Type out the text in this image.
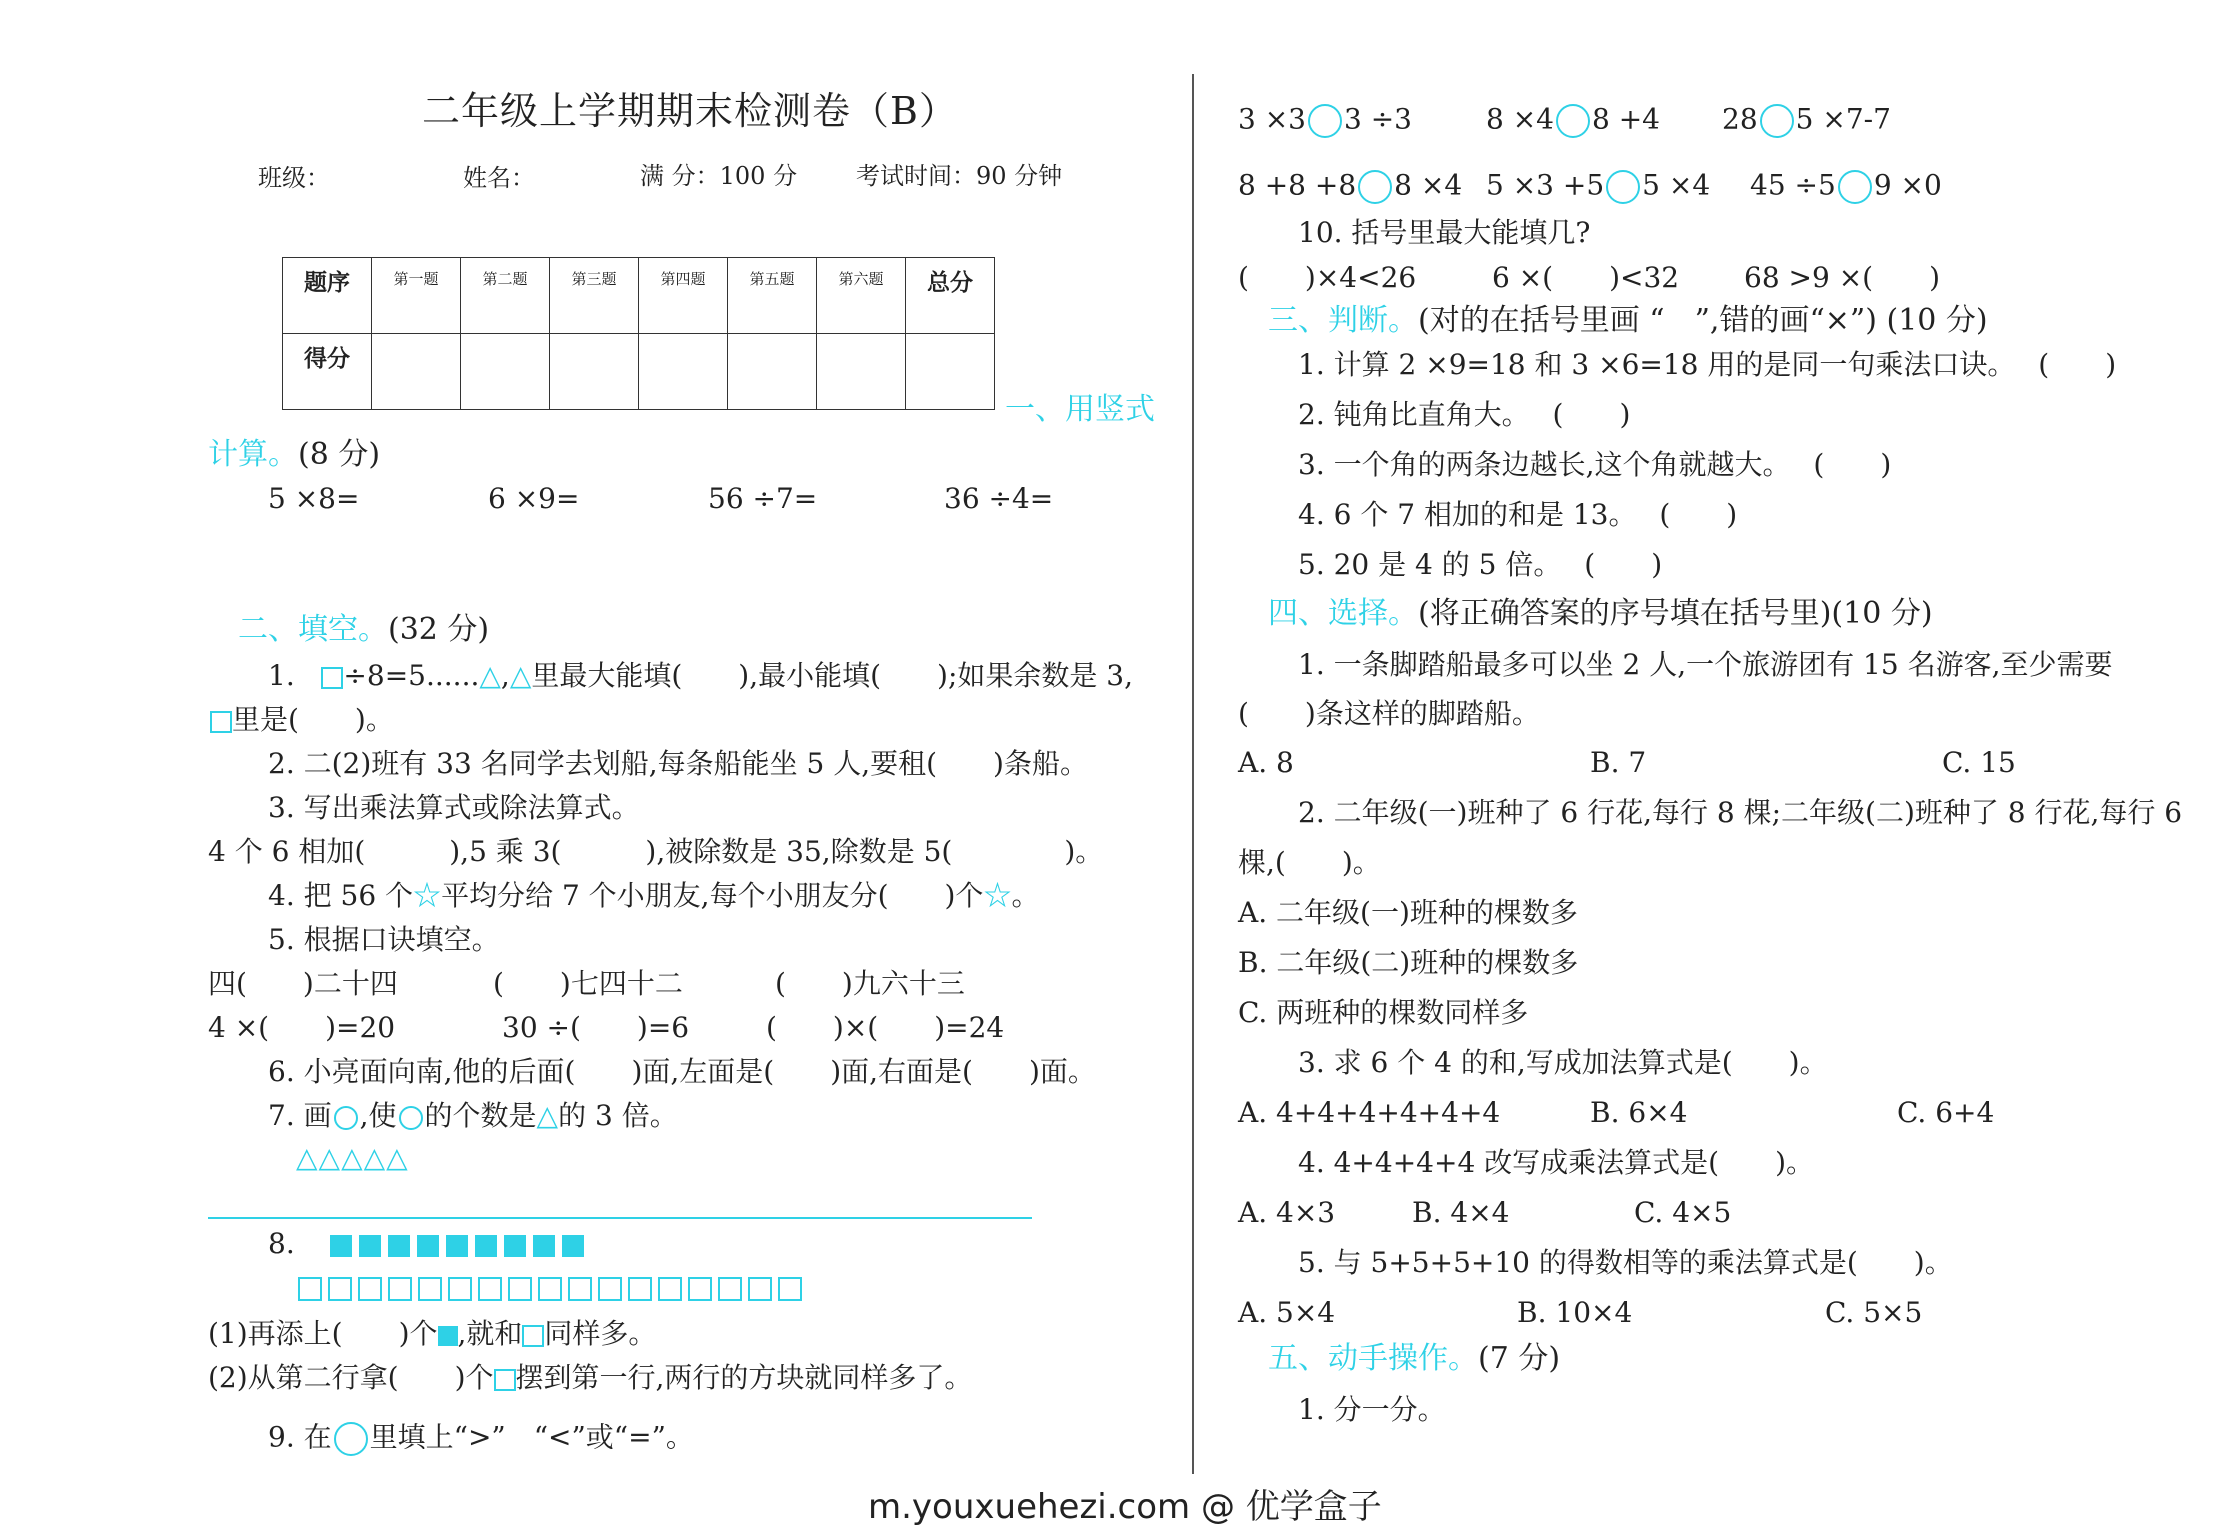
二年级上学期期末检测卷（B）
班级：	姓名：	满 分：100 分 考试时间：90 分钟
题序	第一题	第二题	第三题	第四题	第五题	第六题	总分
得分							
一、用竖式
计算。(8 分)
5 ×8=	6 ×9=	56 ÷7=	36 ÷4=
二、填空。(32 分)
1. ÷8=5......△,△里最大能填(　　),最小能填(　　);如果余数是 3,
里是(　　)。
2. 二(2)班有 33 名同学去划船,每条船能坐 5 人,要租(　　)条船。
3. 写出乘法算式或除法算式。
4 个 6 相加(　　　),5 乘 3(　　　),被除数是 35,除数是 5(　　　　)。
4. 把 56 个☆平均分给 7 个小朋友,每个小朋友分(　　)个☆。
5. 根据口诀填空。
四(　　)二十四	(　　)七四十二	(　　)九六十三
4 ×(　　)=20	30 ÷(　　)=6	(　　)×(　　)=24
6. 小亮面向南,他的后面(　　)面,左面是(　　)面,右面是(　　)面。
7. 画 ,使 的个数是△的 3 倍。
△△△△△
8.
(1)再添上(　　)个 ,就和 同样多。
(2)从第二行拿(　　)个 摆到第一行,两行的方块就同样多了。
9. 在 里填上“>”　“<”或“=”。
3 ×3 3 ÷3	8 ×4 8 +4 28 5 ×7-7
8 +8 +8 8 ×4 5 ×3 +5 5 ×4 45 ÷5 9 ×0
10. 括号里最大能填几?
(　　)×4<26	6 ×(　　)<32 68 >9 ×(　　)
三、判断。(对的在括号里画 “　”,错的画“×”) (10 分)
1. 计算 2 ×9=18 和 3 ×6=18 用的是同一句乘法口诀。　 (　　)
2. 钝角比直角大。　 (　　)
3. 一个角的两条边越长,这个角就越大。　 (　　)
4. 6 个 7 相加的和是 13。　 (　　)
5. 20 是 4 的 5 倍。　 (　　)
四、选择。(将正确答案的序号填在括号里)(10 分)
1. 一条脚踏船最多可以坐 2 人,一个旅游团有 15 名游客,至少需要
(　　)条这样的脚踏船。
A. 8	B. 7	C. 15
2. 二年级(一)班种了 6 行花,每行 8 棵;二年级(二)班种了 8 行花,每行 6
棵,(　　)。
A. 二年级(一)班种的棵数多
B. 二年级(二)班种的棵数多
C. 两班种的棵数同样多
3. 求 6 个 4 的和,写成加法算式是(　　)。
A. 4+4+4+4+4+4	B. 6×4	C. 6+4
4. 4+4+4+4 改写成乘法算式是(　　)。
A. 4×3	B. 4×4	C. 4×5
5. 与 5+5+5+10 的得数相等的乘法算式是(　　)。
A. 5×4	B. 10×4	C. 5×5
五、动手操作。(7 分)
1. 分一分。
m.youxuehezi.com @ 优学盒子
